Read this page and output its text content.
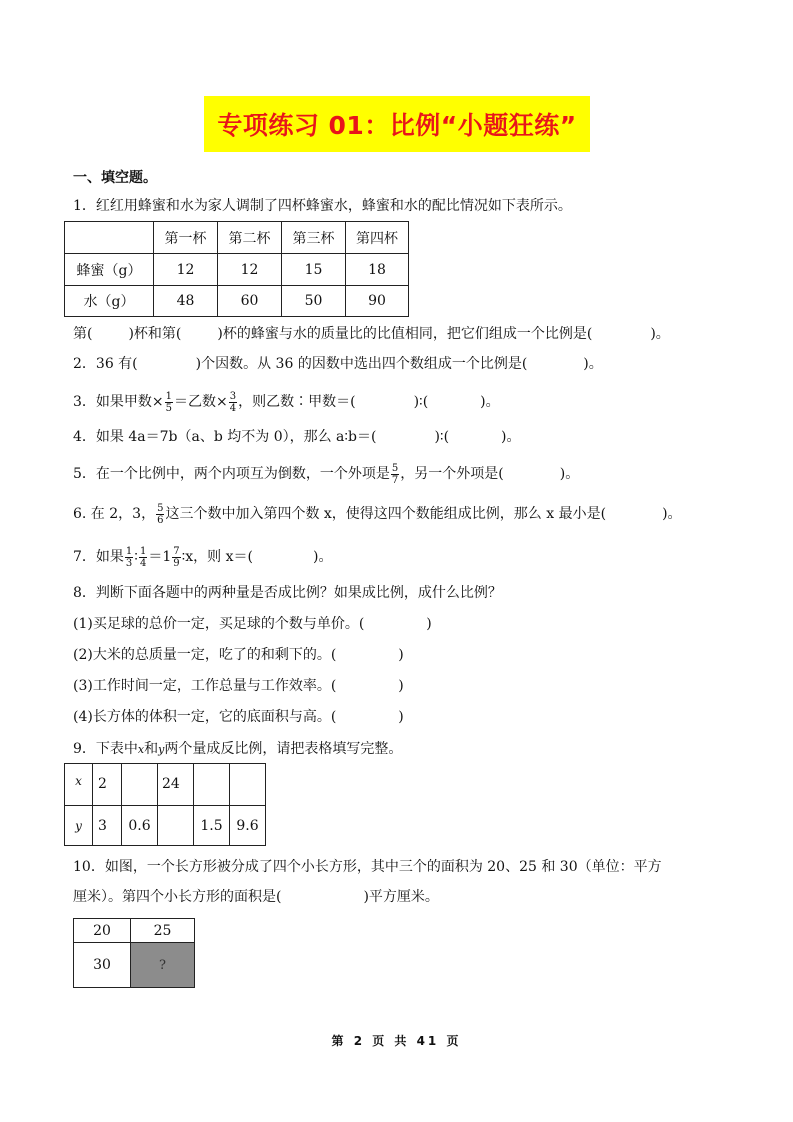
专项练习 01：比例“小题狂练”
一、填空题。
1．红红用蜂蜜和水为家人调制了四杯蜂蜜水，蜂蜜和水的配比情况如下表所示。
	第一杯	第二杯	第三杯	第四杯
蜂蜜（g）	12	12	15	18
水（g）	48	60	50	90
第(	)杯和第(	)杯的蜂蜜与水的质量比的比值相同，把它们组成一个比例是(	)。
2．36 有(	)个因数。从 36 的因数中选出四个数组成一个比例是(	)。
3．如果甲数× $\frac{1}{5}$ ＝乙数× $\frac{3}{4}$ ，则乙数∶甲数＝(	)∶(	)。
4．如果 4a＝7b（a、b 均不为 0），那么 a∶b＝(	)∶(	)。
5．在一个比例中，两个内项互为倒数，一个外项是 $\frac{5}{7}$ ，另一个外项是(	)。
6. 在 2，3， $\frac{5}{6}$ 这三个数中加入第四个数 x，使得这四个数能组成比例，那么 x 最小是(	)。
7．如果 $\frac{1}{3}$ ∶ $\frac{1}{4} =1 \frac{7}{9}$ ∶x，则 x＝(	)。
8．判断下面各题中的两种量是否成比例？如果成比例，成什么比例？
(1)买足球的总价一定，买足球的个数与单价。(	)
(2)大米的总质量一定，吃了的和剩下的。(	)
(3)工作时间一定，工作总量与工作效率。(	)
(4)长方体的体积一定，它的底面积与高。(	)
9．下表中x和y两个量成反比例，请把表格填写完整。
x	2		24		
y	3	0.6		1.5	9.6
10．如图，一个长方形被分成了四个小长方形，其中三个的面积为 20、25 和 30（单位：平方
厘米）。第四个小长方形的面积是(	)平方厘米。
20	25
30	?
第 2 页 共 41 页
